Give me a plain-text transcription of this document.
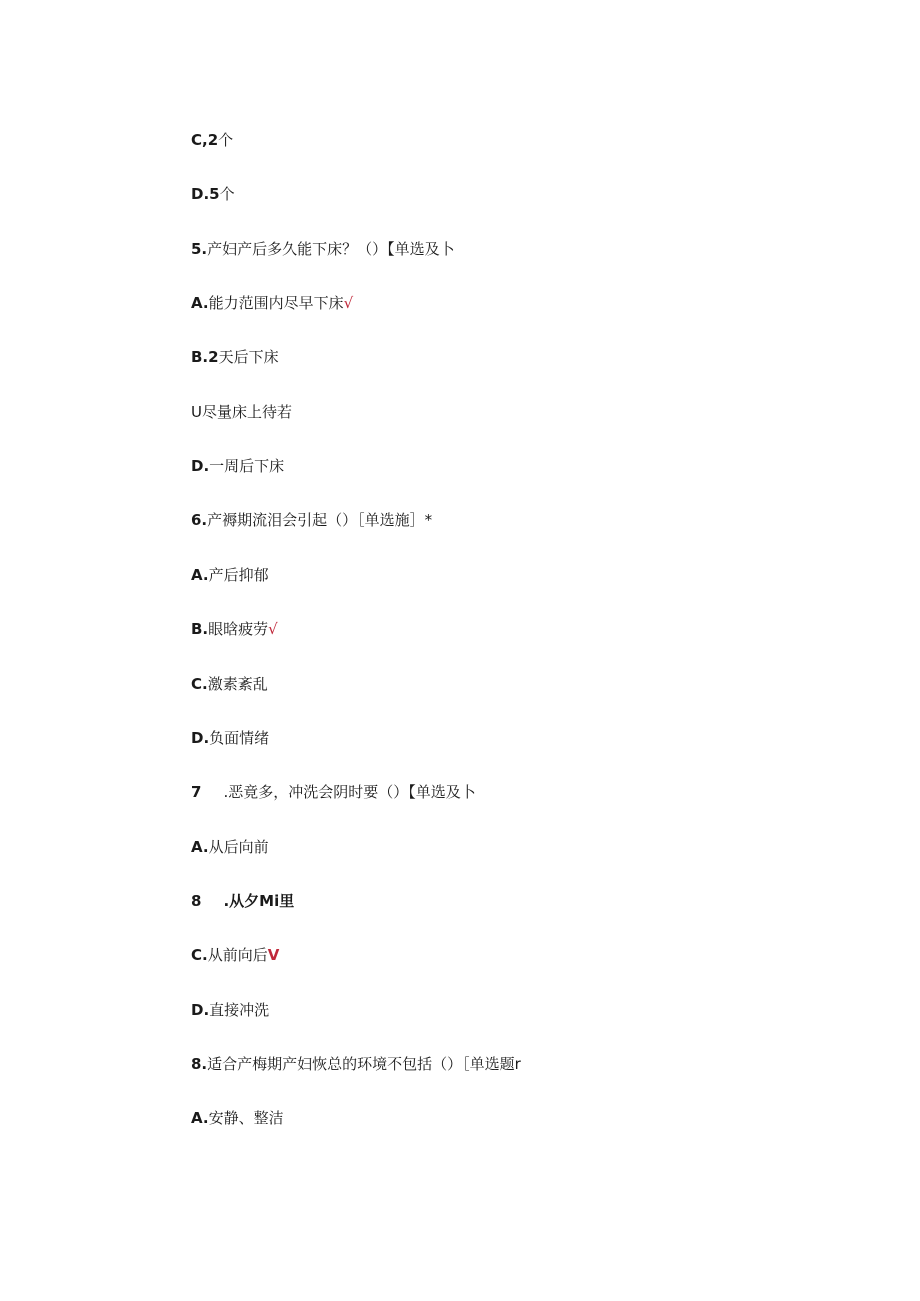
C,2个
D.5个
5.产妇产后多久能下床？（）【单选及卜
A.能力范围内尽早下床√
B.2天后下床
U尽量床上待若
D.一周后下床
6.产褥期流泪会引起（）［单选施］*
A.产后抑郁
B.眼晗疲劳√
C.激素紊乱
D.负面情绪
7 .恶竟多，冲洗会阴时要（）【单选及卜
A.从后向前
8 .从夕Mi里
C.从前向后V
D.直接冲洗
8.适合产梅期产妇恢总的环境不包括（）［单选题r
A.安静、整洁
